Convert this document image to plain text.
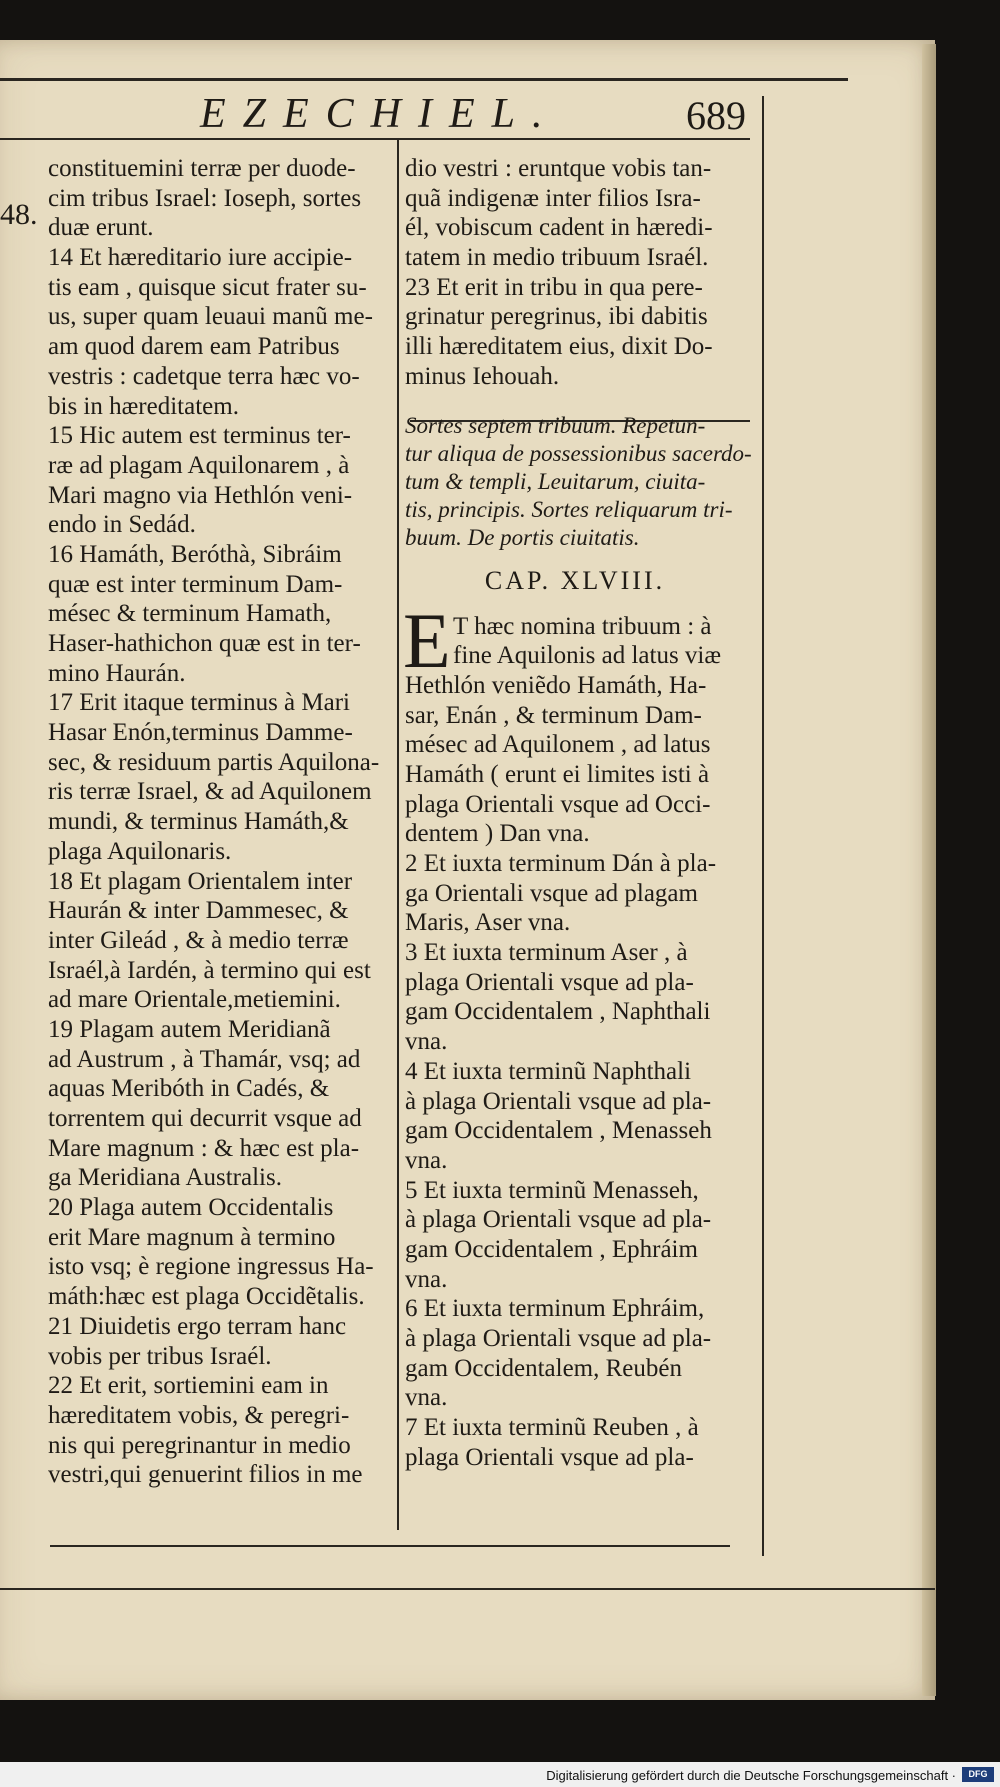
EZECHIEL.	689
48.
constituemini terræ per duode-
cim tribus Israel: Ioseph, sortes
duæ erunt.
14 Et hæreditario iure accipie-
tis eam , quisque sicut frater su-
us, super quam leuaui manũ me-
am quod darem eam Patribus
vestris : cadetque terra hæc vo-
bis in hæreditatem.
15 Hic autem est terminus ter-
ræ ad plagam Aquilonarem , à
Mari magno via Hethlón veni-
endo in Sedád.
16 Hamáth, Beróthà, Sibráim
quæ est inter terminum Dam-
mésec & terminum Hamath,
Haser-hathichon quæ est in ter-
mino Haurán.
17 Erit itaque terminus à Mari
Hasar Enón,terminus Damme-
sec, & residuum partis Aquilona-
ris terræ Israel, & ad Aquilonem
mundi, & terminus Hamáth,&
plaga Aquilonaris.
18 Et plagam Orientalem inter
Haurán & inter Dammesec, &
inter Gileád , & à medio terræ
Israél,à Iardén, à termino qui est
ad mare Orientale,metiemini.
19 Plagam autem Meridianã
ad Austrum , à Thamár, vsq; ad
aquas Meribóth in Cadés, &
torrentem qui decurrit vsque ad
Mare magnum : & hæc est pla-
ga Meridiana Australis.
20 Plaga autem Occidentalis
erit Mare magnum à termino
isto vsq; è regione ingressus Ha-
máth:hæc est plaga Occidẽtalis.
21 Diuidetis ergo terram hanc
vobis per tribus Israél.
22 Et erit, sortiemini eam in
hæreditatem vobis, & peregri-
nis qui peregrinantur in medio
vestri,qui genuerint filios in me
dio vestri : eruntque vobis tan-
quã indigenæ inter filios Isra-
él, vobiscum cadent in hæredi-
tatem in medio tribuum Israél.
23 Et erit in tribu in qua pere-
grinatur peregrinus, ibi dabitis
illi hæreditatem eius, dixit Do-
minus Iehouah.
Sortes septem tribuum. Repetun-
tur aliqua de possessionibus sacerdo-
tum & templi, Leuitarum, ciuita-
tis, principis. Sortes reliquarum tri-
buum. De portis ciuitatis.
CAP. XLVIII.
E T hæc nomina tribuum : à
fine Aquilonis ad latus viæ
Hethlón veniẽdo Hamáth, Ha-
sar, Enán , & terminum Dam-
mésec ad Aquilonem , ad latus
Hamáth ( erunt ei limites isti à
plaga Orientali vsque ad Occi-
dentem ) Dan vna.
2 Et iuxta terminum Dán à pla-
ga Orientali vsque ad plagam
Maris, Aser vna.
3 Et iuxta terminum Aser , à
plaga Orientali vsque ad pla-
gam Occidentalem , Naphthali
vna.
4 Et iuxta terminũ Naphthali
à plaga Orientali vsque ad pla-
gam Occidentalem , Menasseh
vna.
5 Et iuxta terminũ Menasseh,
à plaga Orientali vsque ad pla-
gam Occidentalem , Ephráim
vna.
6 Et iuxta terminum Ephráim,
à plaga Orientali vsque ad pla-
gam Occidentalem, Reubén
vna.
7 Et iuxta terminũ Reuben , à
plaga Orientali vsque ad pla-
Digitalisierung gefördert durch die Deutsche Forschungsgemeinschaft ·	DFG
